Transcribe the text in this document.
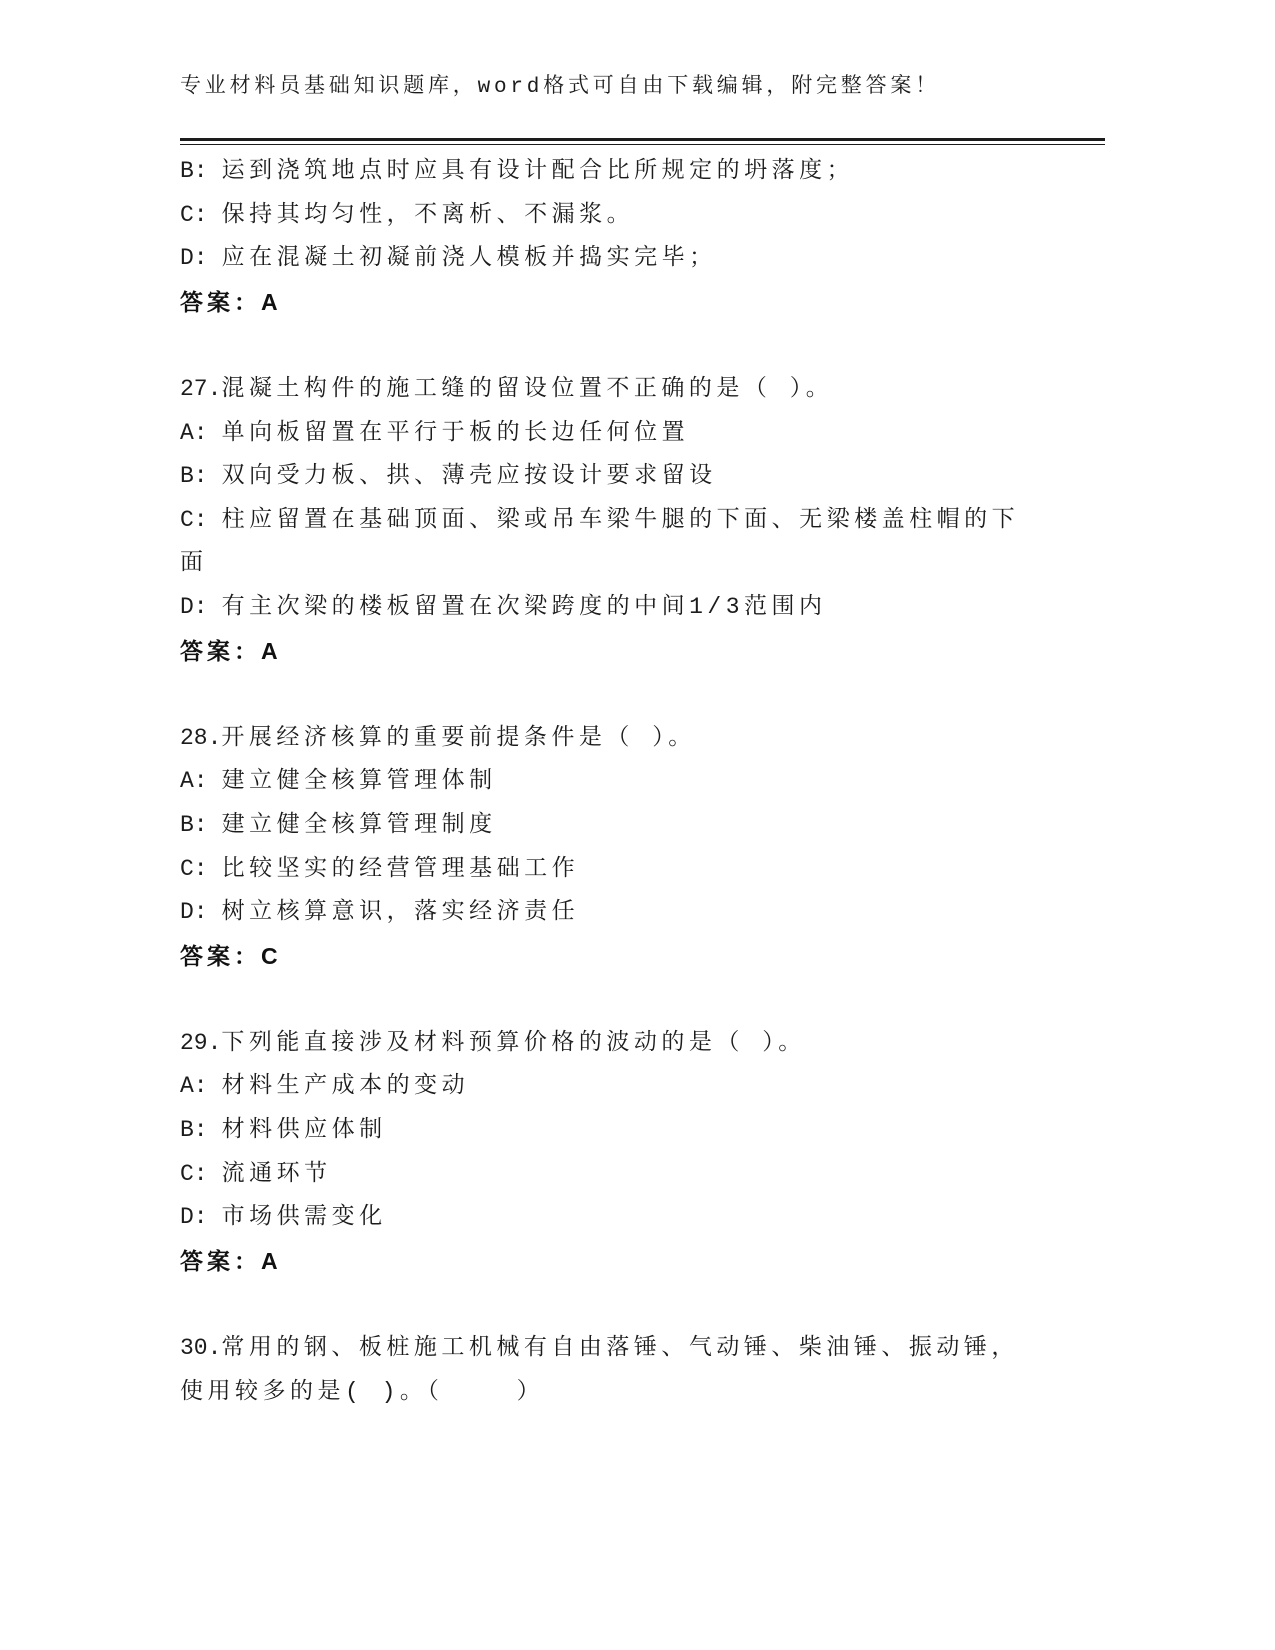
专业材料员基础知识题库，word格式可自由下载编辑，附完整答案！
B: 运到浇筑地点时应具有设计配合比所规定的坍落度；
C: 保持其均匀性，不离析、不漏浆。
D: 应在混凝土初凝前浇人模板并捣实完毕；
答案：A
27.混凝土构件的施工缝的留设位置不正确的是（ ）。
A: 单向板留置在平行于板的长边任何位置
B: 双向受力板、拱、薄壳应按设计要求留设
C: 柱应留置在基础顶面、梁或吊车梁牛腿的下面、无梁楼盖柱帽的下面
D: 有主次梁的楼板留置在次梁跨度的中间1/3范围内
答案：A
28.开展经济核算的重要前提条件是（ ）。
A: 建立健全核算管理体制
B: 建立健全核算管理制度
C: 比较坚实的经营管理基础工作
D: 树立核算意识，落实经济责任
答案：C
29.下列能直接涉及材料预算价格的波动的是（ ）。
A: 材料生产成本的变动
B: 材料供应体制
C: 流通环节
D: 市场供需变化
答案：A
30.常用的钢、板桩施工机械有自由落锤、气动锤、柴油锤、振动锤，使用较多的是( )。（    ）
